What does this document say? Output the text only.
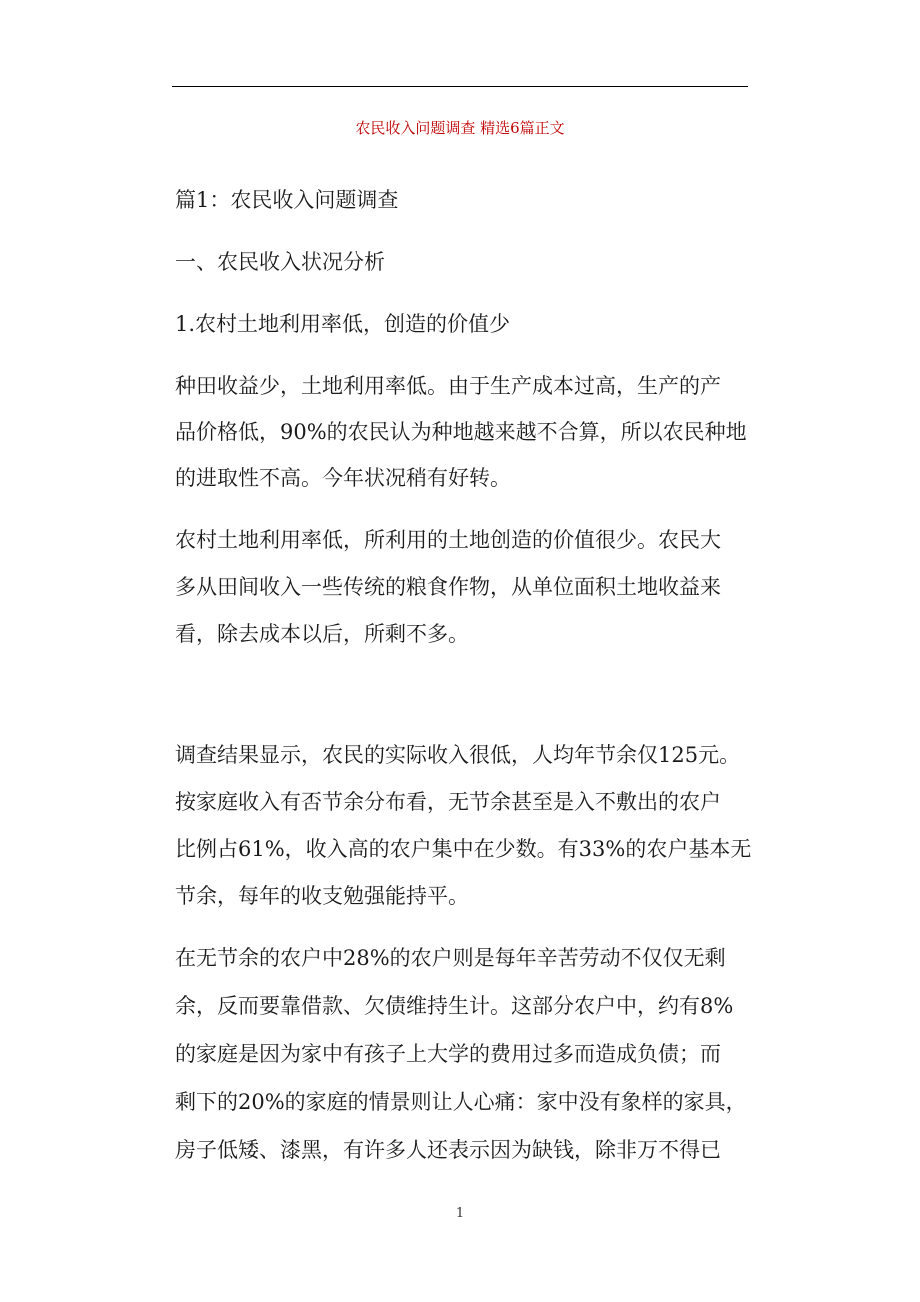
农民收入问题调查 精选6篇正文
篇1：农民收入问题调查
一、农民收入状况分析
1.农村土地利用率低，创造的价值少
种田收益少，土地利用率低。由于生产成本过高，生产的产
品价格低，90%的农民认为种地越来越不合算，所以农民种地
的进取性不高。今年状况稍有好转。
农村土地利用率低，所利用的土地创造的价值很少。农民大
多从田间收入一些传统的粮食作物，从单位面积土地收益来
看，除去成本以后，所剩不多。
调查结果显示，农民的实际收入很低，人均年节余仅125元。
按家庭收入有否节余分布看，无节余甚至是入不敷出的农户
比例占61%，收入高的农户集中在少数。有33%的农户基本无
节余，每年的收支勉强能持平。
在无节余的农户中28%的农户则是每年辛苦劳动不仅仅无剩
余，反而要靠借款、欠债维持生计。这部分农户中，约有8%
的家庭是因为家中有孩子上大学的费用过多而造成负债；而
剩下的20%的家庭的情景则让人心痛：家中没有象样的家具，
房子低矮、漆黑，有许多人还表示因为缺钱，除非万不得已
1
